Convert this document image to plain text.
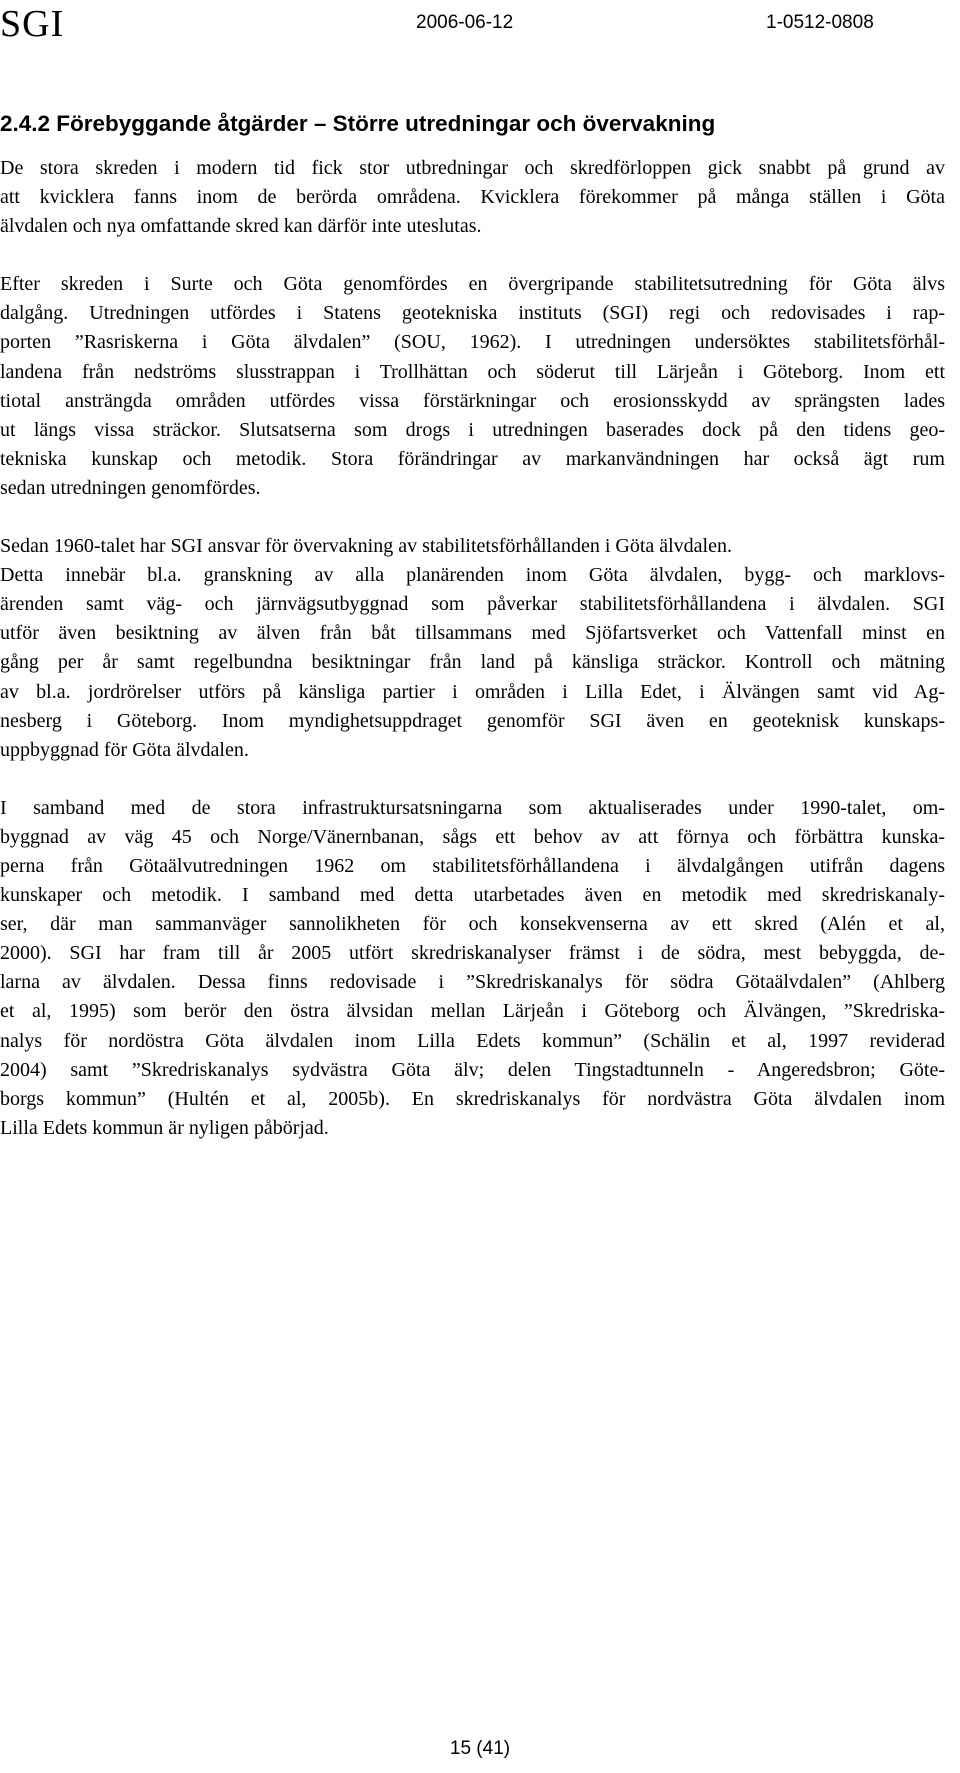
SGI	2006-06-12	1-0512-0808
2.4.2 Förebyggande åtgärder – Större utredningar och övervakning

De stora skreden i modern tid fick stor utbredningar och skredförloppen gick snabbt på grund av
att kvicklera fanns inom de berörda områdena. Kvicklera förekommer på många ställen i Göta
älvdalen och nya omfattande skred kan därför inte uteslutas.

Efter skreden i Surte och Göta genomfördes en övergripande stabilitetsutredning för Göta älvs
dalgång. Utredningen utfördes i Statens geotekniska instituts (SGI) regi och redovisades i rap-
porten ”Rasriskerna i Göta älvdalen” (SOU, 1962). I utredningen undersöktes stabilitetsförhål-
landena från nedströms slusstrappan i Trollhättan och söderut till Lärjeån i Göteborg. Inom ett
tiotal ansträngda områden utfördes vissa förstärkningar och erosionsskydd av sprängsten lades
ut längs vissa sträckor. Slutsatserna som drogs i utredningen baserades dock på den tidens geo-
tekniska kunskap och metodik. Stora förändringar av markanvändningen har också ägt rum
sedan utredningen genomfördes.

Sedan 1960-talet har SGI ansvar för övervakning av stabilitetsförhållanden i Göta älvdalen.
Detta innebär bl.a. granskning av alla planärenden inom Göta älvdalen, bygg- och marklovs-
ärenden samt väg- och järnvägsutbyggnad som påverkar stabilitetsförhållandena i älvdalen. SGI
utför även besiktning av älven från båt tillsammans med Sjöfartsverket och Vattenfall minst en
gång per år samt regelbundna besiktningar från land på känsliga sträckor. Kontroll och mätning
av bl.a. jordrörelser utförs på känsliga partier i områden i Lilla Edet, i Älvängen samt vid Ag-
nesberg i Göteborg. Inom myndighetsuppdraget genomför SGI även en geoteknisk kunskaps-
uppbyggnad för Göta älvdalen.

I samband med de stora infrastruktursatsningarna som aktualiserades under 1990-talet, om-
byggnad av väg 45 och Norge/Vänernbanan, sågs ett behov av att förnya och förbättra kunska-
perna från Götaälvutredningen 1962 om stabilitetsförhållandena i älvdalgången utifrån dagens
kunskaper och metodik. I samband med detta utarbetades även en metodik med skredriskanaly-
ser, där man sammanväger sannolikheten för och konsekvenserna av ett skred (Alén et al,
2000). SGI har fram till år 2005 utfört skredriskanalyser främst i de södra, mest bebyggda, de-
larna av älvdalen. Dessa finns redovisade i ”Skredriskanalys för södra Götaälvdalen” (Ahlberg
et al, 1995) som berör den östra älvsidan mellan Lärjeån i Göteborg och Älvängen, ”Skredriska-
nalys för nordöstra Göta älvdalen inom Lilla Edets kommun” (Schälin et al, 1997 reviderad
2004) samt ”Skredriskanalys sydvästra Göta älv; delen Tingstadtunneln - Angeredsbron; Göte-
borgs kommun” (Hultén et al, 2005b). En skredriskanalys för nordvästra Göta älvdalen inom
Lilla Edets kommun är nyligen påbörjad.

15 (41)
